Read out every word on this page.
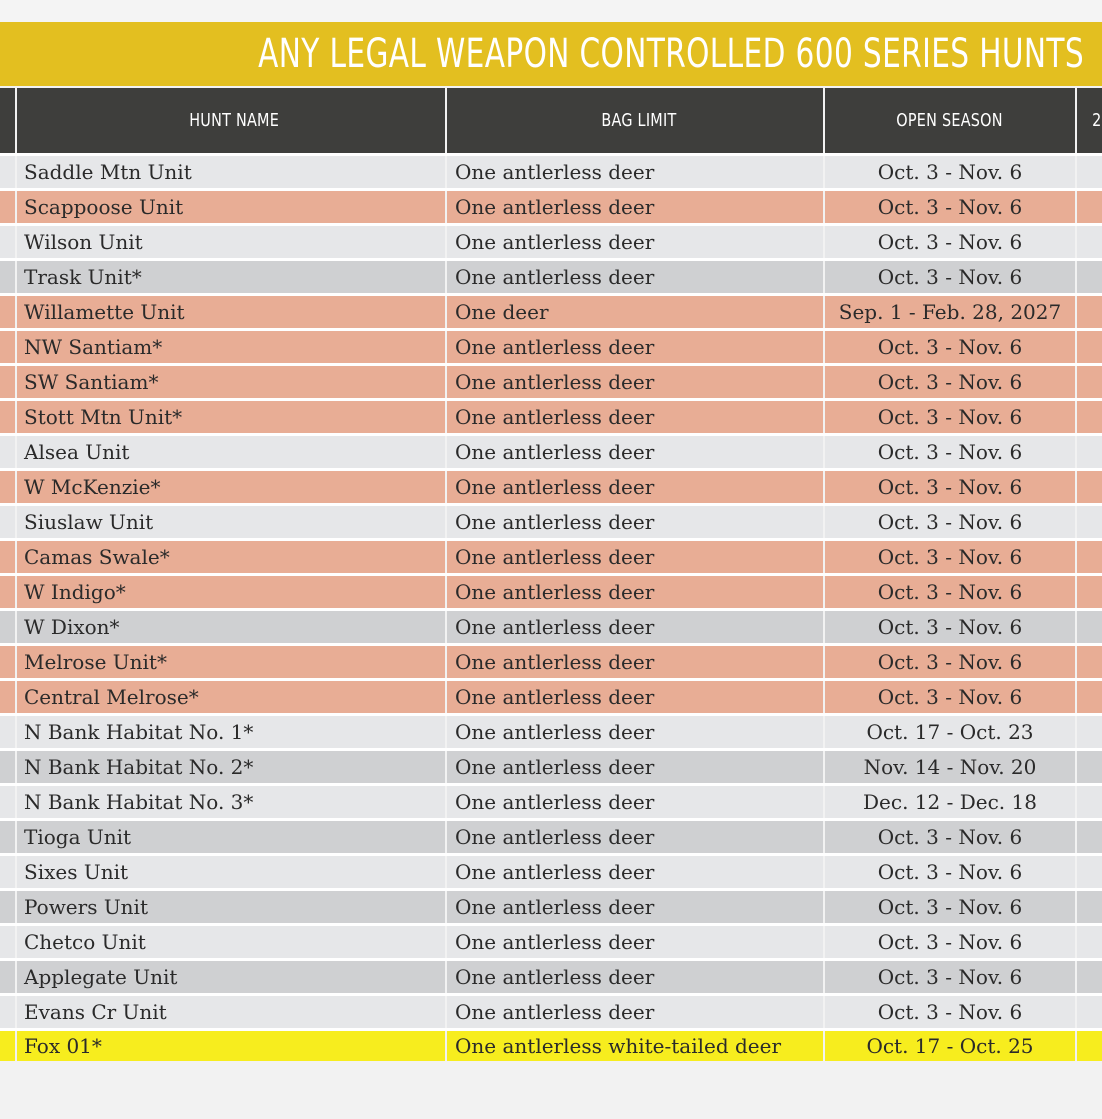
ANY LEGAL WEAPON CONTROLLED 600 SERIES HUNTS
HUNT NAME	BAG LIMIT	OPEN SEASON	2
Saddle Mtn Unit	One antlerless deer	Oct. 3 - Nov. 6
Scappoose Unit	One antlerless deer	Oct. 3 - Nov. 6
Wilson Unit	One antlerless deer	Oct. 3 - Nov. 6
Trask Unit*	One antlerless deer	Oct. 3 - Nov. 6
Willamette Unit	One deer	Sep. 1 - Feb. 28, 2027
NW Santiam*	One antlerless deer	Oct. 3 - Nov. 6
SW Santiam*	One antlerless deer	Oct. 3 - Nov. 6
Stott Mtn Unit*	One antlerless deer	Oct. 3 - Nov. 6
Alsea Unit	One antlerless deer	Oct. 3 - Nov. 6
W McKenzie*	One antlerless deer	Oct. 3 - Nov. 6
Siuslaw Unit	One antlerless deer	Oct. 3 - Nov. 6
Camas Swale*	One antlerless deer	Oct. 3 - Nov. 6
W Indigo*	One antlerless deer	Oct. 3 - Nov. 6
W Dixon*	One antlerless deer	Oct. 3 - Nov. 6
Melrose Unit*	One antlerless deer	Oct. 3 - Nov. 6
Central Melrose*	One antlerless deer	Oct. 3 - Nov. 6
N Bank Habitat No. 1*	One antlerless deer	Oct. 17 - Oct. 23
N Bank Habitat No. 2*	One antlerless deer	Nov. 14 - Nov. 20
N Bank Habitat No. 3*	One antlerless deer	Dec. 12 - Dec. 18
Tioga Unit	One antlerless deer	Oct. 3 - Nov. 6
Sixes Unit	One antlerless deer	Oct. 3 - Nov. 6
Powers Unit	One antlerless deer	Oct. 3 - Nov. 6
Chetco Unit	One antlerless deer	Oct. 3 - Nov. 6
Applegate Unit	One antlerless deer	Oct. 3 - Nov. 6
Evans Cr Unit	One antlerless deer	Oct. 3 - Nov. 6
Fox 01*	One antlerless white-tailed deer	Oct. 17 - Oct. 25
